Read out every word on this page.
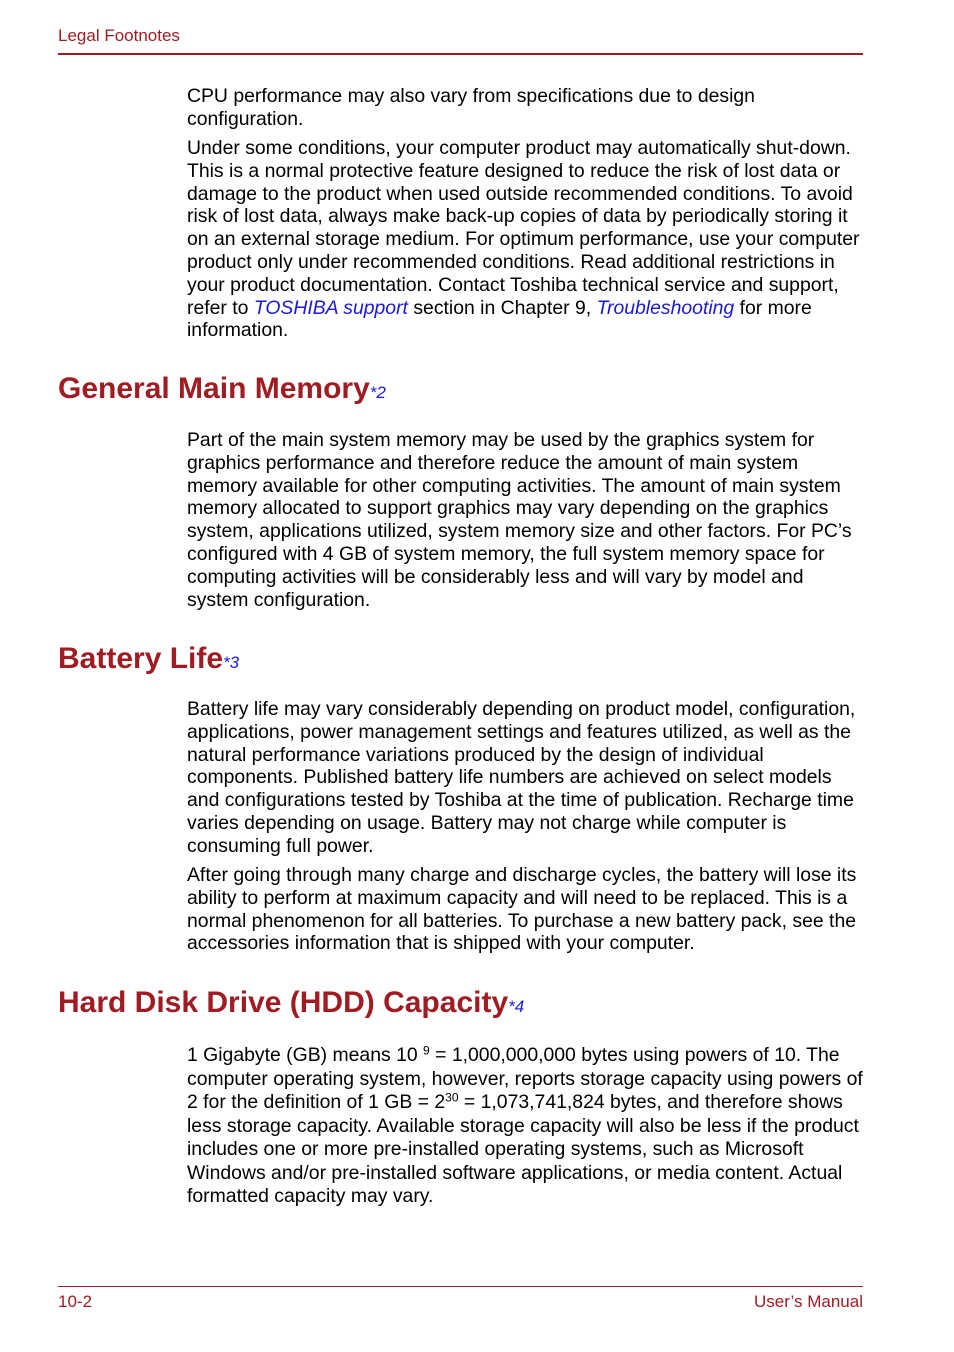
Legal Footnotes

CPU performance may also vary from specifications due to design configuration.

Under some conditions, your computer product may automatically shut-down. This is a normal protective feature designed to reduce the risk of lost data or damage to the product when used outside recommended conditions. To avoid risk of lost data, always make back-up copies of data by periodically storing it on an external storage medium. For optimum performance, use your computer product only under recommended conditions. Read additional restrictions in your product documentation. Contact Toshiba technical service and support, refer to TOSHIBA support section in Chapter 9, Troubleshooting for more information.

General Main Memory*2

Part of the main system memory may be used by the graphics system for graphics performance and therefore reduce the amount of main system memory available for other computing activities. The amount of main system memory allocated to support graphics may vary depending on the graphics system, applications utilized, system memory size and other factors. For PC’s configured with 4 GB of system memory, the full system memory space for computing activities will be considerably less and will vary by model and system configuration.

Battery Life*3

Battery life may vary considerably depending on product model, configuration, applications, power management settings and features utilized, as well as the natural performance variations produced by the design of individual components. Published battery life numbers are achieved on select models and configurations tested by Toshiba at the time of publication. Recharge time varies depending on usage. Battery may not charge while computer is consuming full power.

After going through many charge and discharge cycles, the battery will lose its ability to perform at maximum capacity and will need to be replaced. This is a normal phenomenon for all batteries. To purchase a new battery pack, see the accessories information that is shipped with your computer.

Hard Disk Drive (HDD) Capacity*4

1 Gigabyte (GB) means 10 $^9$ = 1,000,000,000 bytes using powers of 10. The computer operating system, however, reports storage capacity using powers of 2 for the definition of 1 GB = $2^{30} = 1,073,741,824$ bytes, and therefore shows less storage capacity. Available storage capacity will also be less if the product includes one or more pre-installed operating systems, such as Microsoft Windows and/or pre-installed software applications, or media content. Actual formatted capacity may vary.

10-2	User’s Manual
